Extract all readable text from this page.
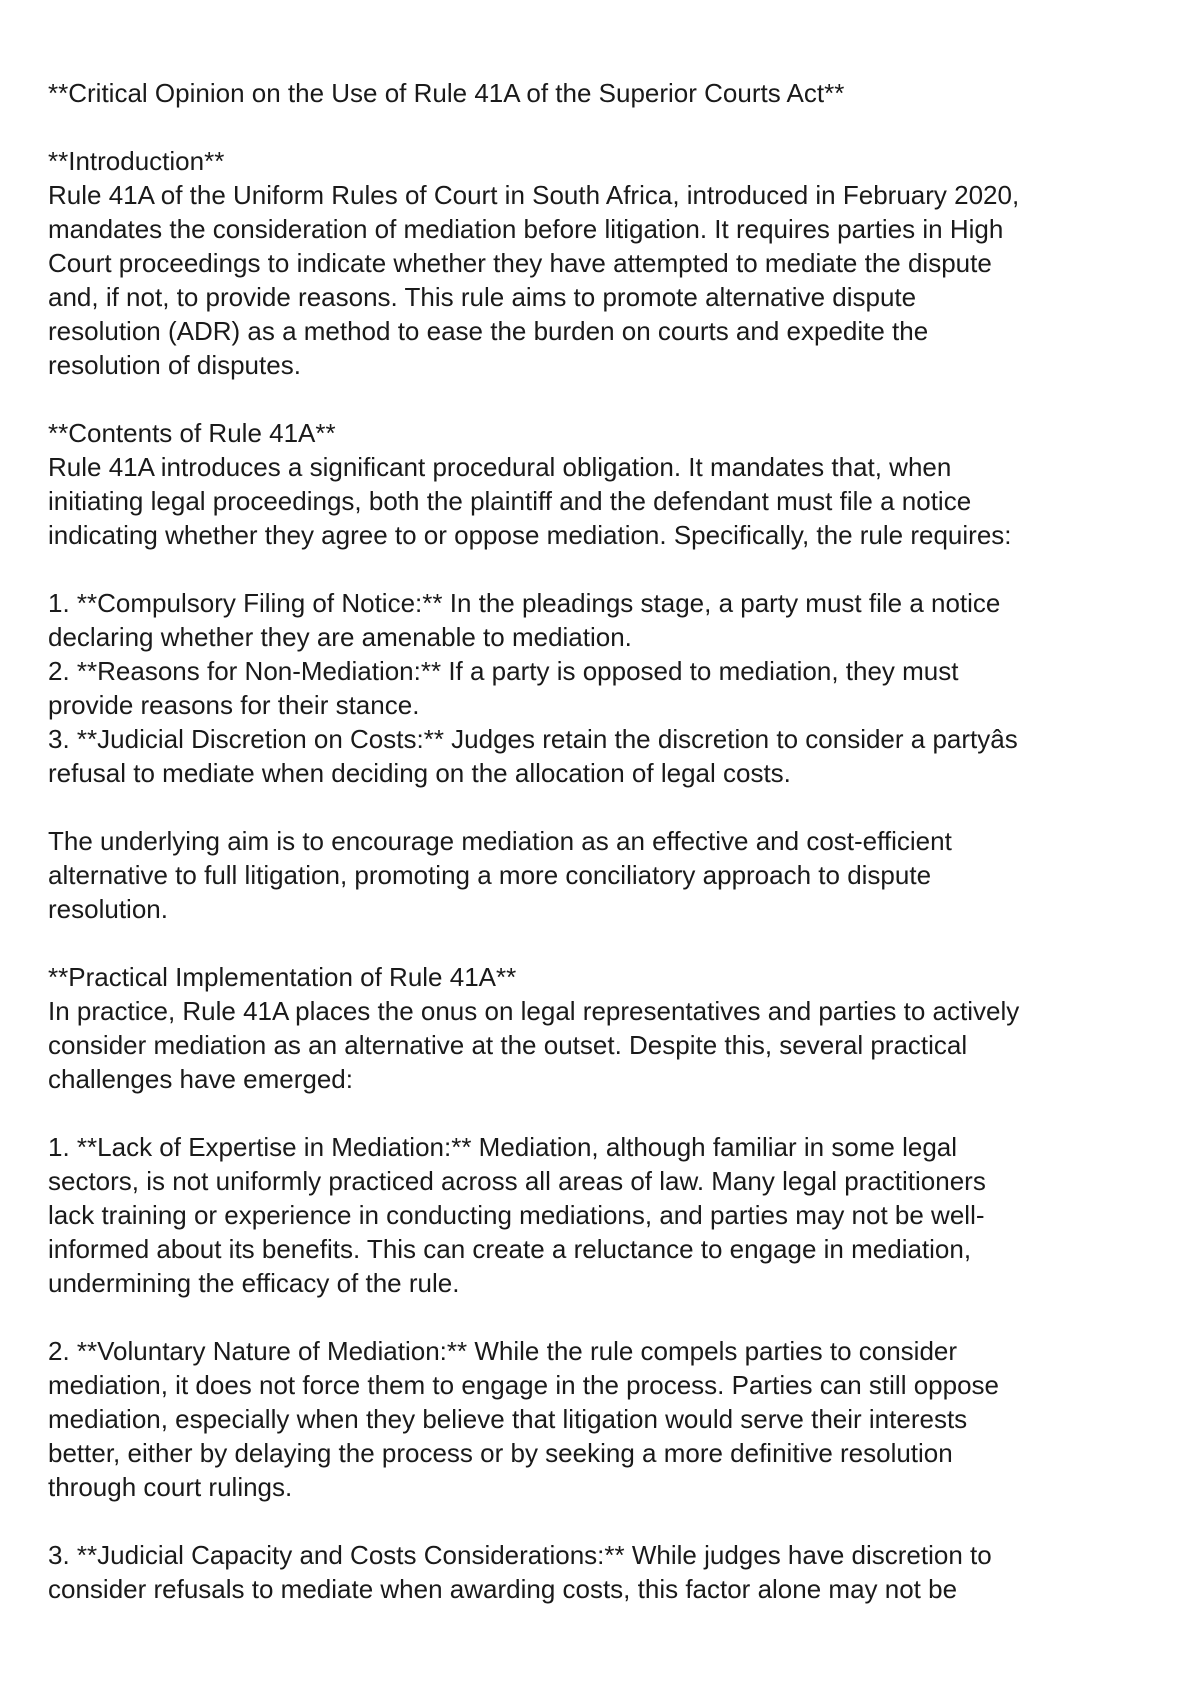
**Critical Opinion on the Use of Rule 41A of the Superior Courts Act**
**Introduction**
Rule 41A of the Uniform Rules of Court in South Africa, introduced in February 2020,
mandates the consideration of mediation before litigation. It requires parties in High
Court proceedings to indicate whether they have attempted to mediate the dispute
and, if not, to provide reasons. This rule aims to promote alternative dispute
resolution (ADR) as a method to ease the burden on courts and expedite the
resolution of disputes.
**Contents of Rule 41A**
Rule 41A introduces a significant procedural obligation. It mandates that, when
initiating legal proceedings, both the plaintiff and the defendant must file a notice
indicating whether they agree to or oppose mediation. Specifically, the rule requires:
1. **Compulsory Filing of Notice:** In the pleadings stage, a party must file a notice
declaring whether they are amenable to mediation.
2. **Reasons for Non-Mediation:** If a party is opposed to mediation, they must
provide reasons for their stance.
3. **Judicial Discretion on Costs:** Judges retain the discretion to consider a partyâs
refusal to mediate when deciding on the allocation of legal costs.
The underlying aim is to encourage mediation as an effective and cost-efficient
alternative to full litigation, promoting a more conciliatory approach to dispute
resolution.
**Practical Implementation of Rule 41A**
In practice, Rule 41A places the onus on legal representatives and parties to actively
consider mediation as an alternative at the outset. Despite this, several practical
challenges have emerged:
1. **Lack of Expertise in Mediation:** Mediation, although familiar in some legal
sectors, is not uniformly practiced across all areas of law. Many legal practitioners
lack training or experience in conducting mediations, and parties may not be well-
informed about its benefits. This can create a reluctance to engage in mediation,
undermining the efficacy of the rule.
2. **Voluntary Nature of Mediation:** While the rule compels parties to consider
mediation, it does not force them to engage in the process. Parties can still oppose
mediation, especially when they believe that litigation would serve their interests
better, either by delaying the process or by seeking a more definitive resolution
through court rulings.
3. **Judicial Capacity and Costs Considerations:** While judges have discretion to
consider refusals to mediate when awarding costs, this factor alone may not be
